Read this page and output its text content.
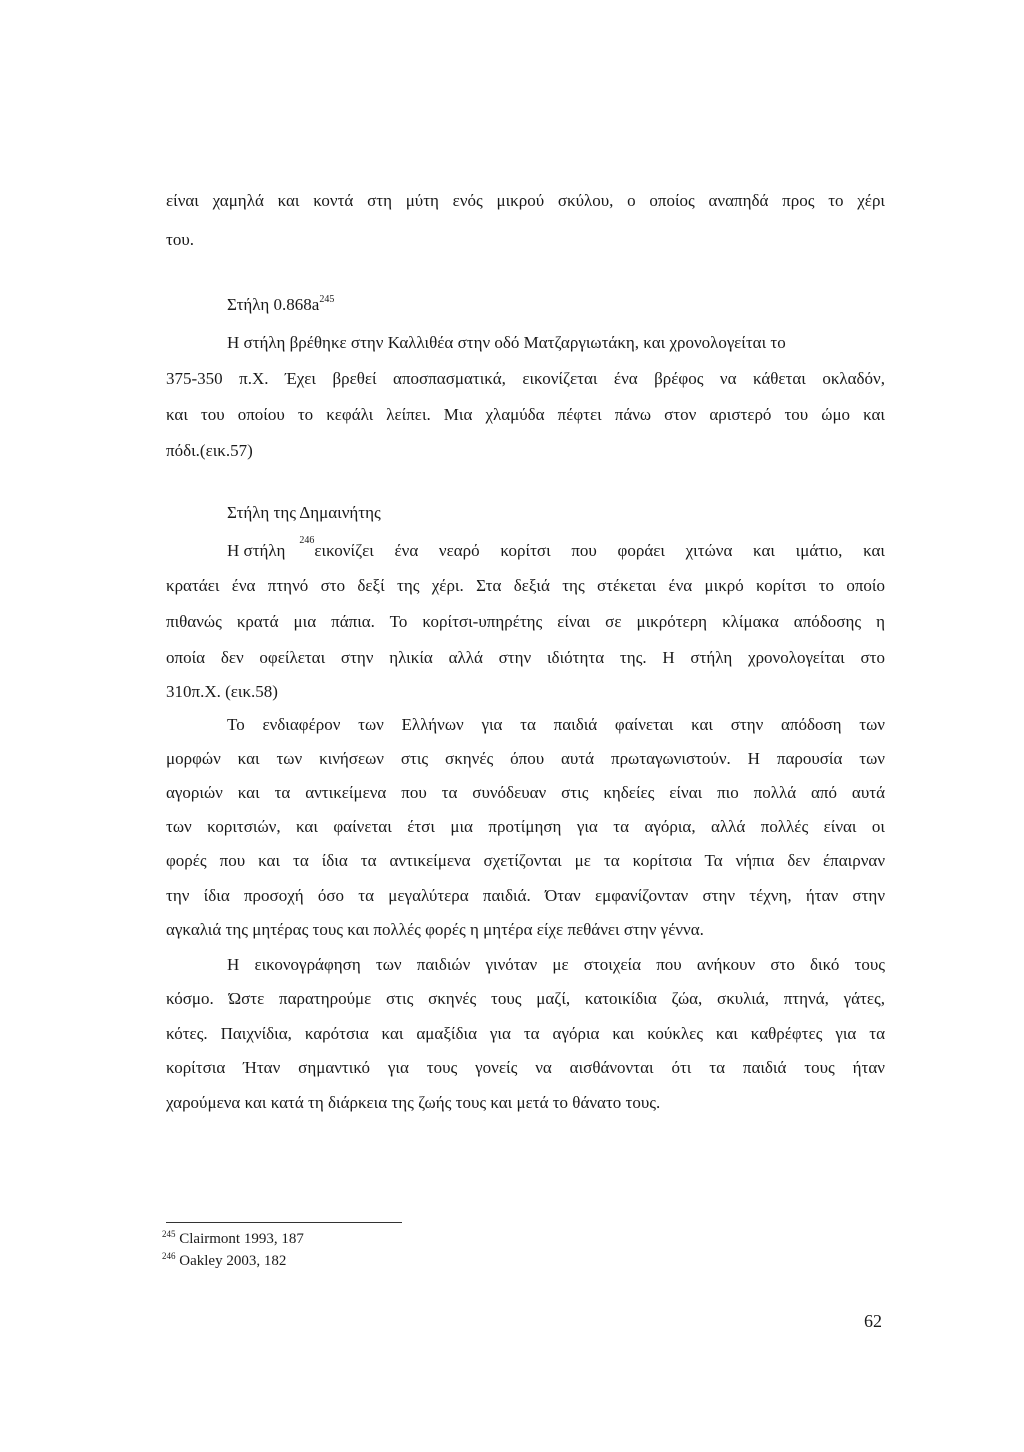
είναι χαμηλά και κοντά στη μύτη ενός μικρού σκύλου, ο οποίος αναπηδά προς το χέρι
του.
Στήλη $0.868a^{245}$
Η στήλη βρέθηκε στην Καλλιθέα στην οδό Ματζαργιωτάκη, και χρονολογείται το
375-350 π.Χ. Έχει βρεθεί αποσπασματικά, εικονίζεται ένα βρέφος να κάθεται οκλαδόν,
και του οποίου το κεφάλι λείπει. Μια χλαμύδα πέφτει πάνω στον αριστερό του ώμο και
πόδι.(εικ.57)
Στήλη της Δημαινήτης
Η στήλη
246
εικονίζει ένα νεαρό κορίτσι που φοράει χιτώνα και ιμάτιο, και
κρατάει ένα πτηνό στο δεξί της χέρι. Στα δεξιά της στέκεται ένα μικρό κορίτσι το οποίο
πιθανώς κρατά μια πάπια. Το κορίτσι-υπηρέτης είναι σε μικρότερη κλίμακα απόδοσης η
οποία δεν οφείλεται στην ηλικία αλλά στην ιδιότητα της. Η στήλη χρονολογείται στο
310π.Χ. (εικ.58)
Το ενδιαφέρον των Ελλήνων για τα παιδιά φαίνεται και στην απόδοση των
μορφών και των κινήσεων στις σκηνές όπου αυτά πρωταγωνιστούν. Η παρουσία των
αγοριών και τα αντικείμενα που τα συνόδευαν στις κηδείες είναι πιο πολλά από αυτά
των κοριτσιών, και φαίνεται έτσι μια προτίμηση για τα αγόρια, αλλά πολλές είναι οι
φορές που και τα ίδια τα αντικείμενα σχετίζονται με τα κορίτσια Τα νήπια δεν έπαιρναν
την ίδια προσοχή όσο τα μεγαλύτερα παιδιά. Όταν εμφανίζονταν στην τέχνη, ήταν στην
αγκαλιά της μητέρας τους και πολλές φορές η μητέρα είχε πεθάνει στην γέννα.
Η εικονογράφηση των παιδιών γινόταν με στοιχεία που ανήκουν στο δικό τους
κόσμο. Ώστε παρατηρούμε στις σκηνές τους μαζί, κατοικίδια ζώα, σκυλιά, πτηνά, γάτες,
κότες. Παιχνίδια, καρότσια και αμαξίδια για τα αγόρια και κούκλες και καθρέφτες για τα
κορίτσια Ήταν σημαντικό για τους γονείς να αισθάνονται ότι τα παιδιά τους ήταν
χαρούμενα και κατά τη διάρκεια της ζωής τους και μετά το θάνατο τους.
$^{245}$ Clairmont 1993, 187
$^{246}$ Oakley 2003, 182
62
